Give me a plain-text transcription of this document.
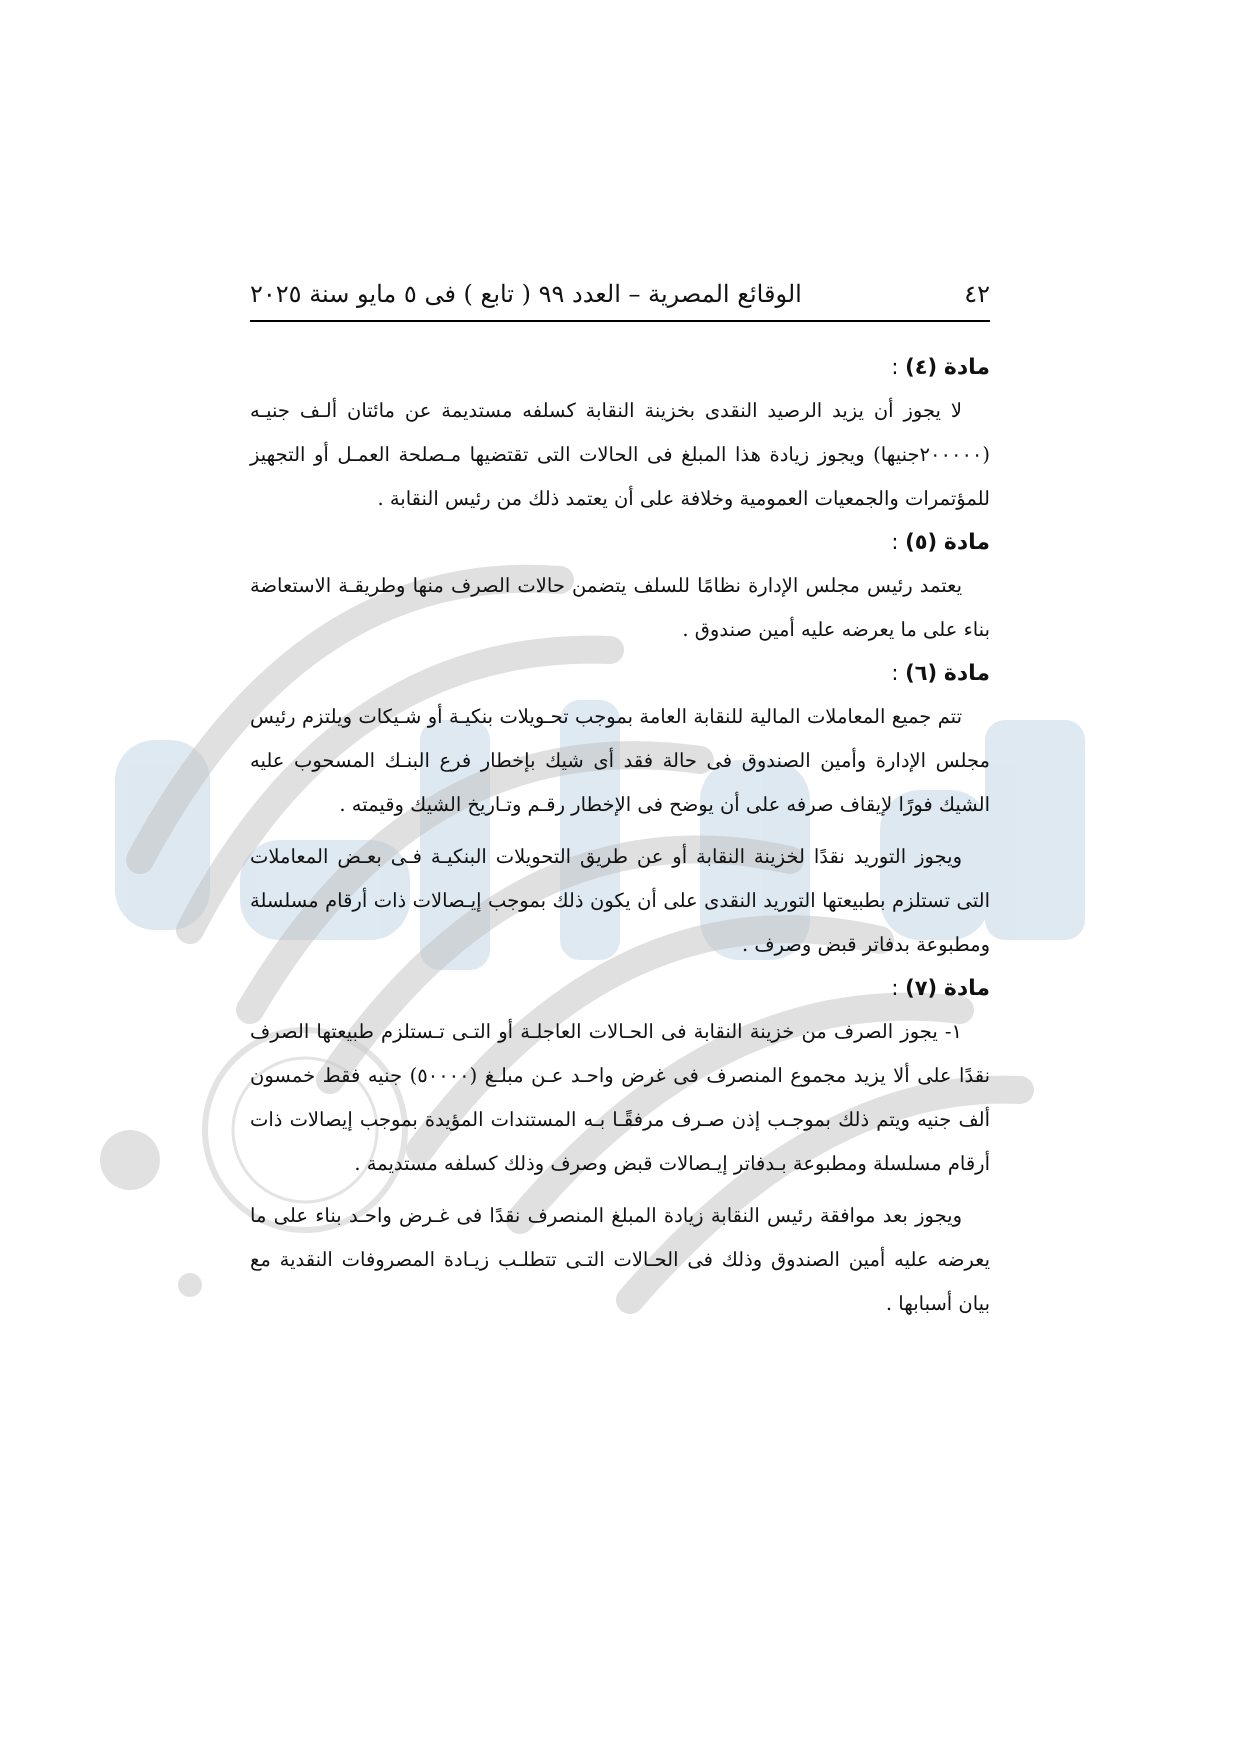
٤٢
الوقائع المصرية – العدد ٩٩ ( تابع ) فى ٥ مايو سنة ٢٠٢٥
مادة (٤) :

لا يجوز أن يزيد الرصيد النقدى بخزينة النقابة كسلفه مستديمة عن مائتان ألـف جنيـه (٢٠٠٠٠٠جنيها) ويجوز زيادة هذا المبلغ فى الحالات التى تقتضيها مـصلحة العمـل أو التجهيز للمؤتمرات والجمعيات العمومية وخلافة على أن يعتمد ذلك من رئيس النقابة .

مادة (٥) :

يعتمد رئيس مجلس الإدارة نظامًا للسلف يتضمن حالات الصرف منها وطريقـة الاستعاضة بناء على ما يعرضه عليه أمين صندوق .

مادة (٦) :

تتم جميع المعاملات المالية للنقابة العامة بموجب تحـويلات بنكيـة أو شـيكات ويلتزم رئيس مجلس الإدارة وأمين الصندوق فى حالة فقد أى شيك بإخطار فرع البنـك المسحوب عليه الشيك فورًا لإيقاف صرفه على أن يوضح فى الإخطار رقـم وتـاريخ الشيك وقيمته .

ويجوز التوريد نقدًا لخزينة النقابة أو عن طريق التحويلات البنكيـة فـى بعـض المعاملات التى تستلزم بطبيعتها التوريد النقدى على أن يكون ذلك بموجب إيـصالات ذات أرقام مسلسلة ومطبوعة بدفاتر قبض وصرف .

مادة (٧) :

١- يجوز الصرف من خزينة النقابة فى الحـالات العاجلـة أو التـى تـستلزم طبيعتها الصرف نقدًا على ألا يزيد مجموع المنصرف فى غرض واحـد عـن مبلـغ (٥٠٠٠٠) جنيه فقط خمسون ألف جنيه ويتم ذلك بموجـب إذن صـرف مرفقًـا بـه المستندات المؤيدة بموجب إيصالات ذات أرقام مسلسلة ومطبوعة بـدفاتر إيـصالات قبض وصرف وذلك كسلفه مستديمة .

ويجوز بعد موافقة رئيس النقابة زيادة المبلغ المنصرف نقدًا فى غـرض واحـد بناء على ما يعرضه عليه أمين الصندوق وذلك فى الحـالات التـى تتطلـب زيـادة المصروفات النقدية مع بيان أسبابها .
